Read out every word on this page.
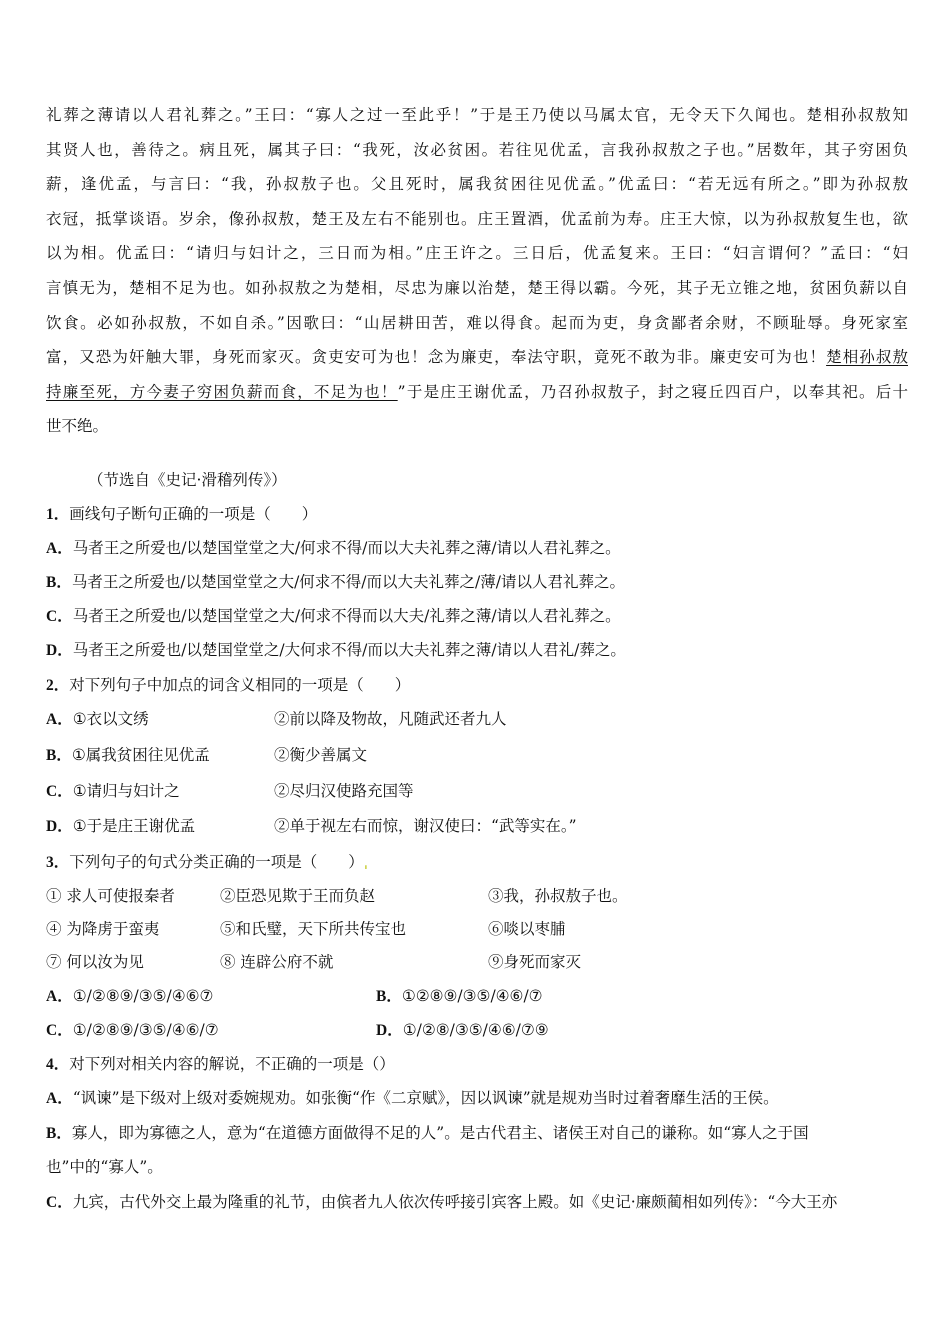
礼葬之薄请以人君礼葬之。”王曰：“寡人之过一至此乎！”于是王乃使以马属太官，无令天下久闻也。楚相孙叔敖知
其贤人也，善待之。病且死，属其子曰：“我死，汝必贫困。若往见优孟，言我孙叔敖之子也。”居数年，其子穷困负
薪，逢优孟，与言曰：“我，孙叔敖子也。父且死时，属我贫困往见优孟。”优孟曰：“若无远有所之。”即为孙叔敖
衣冠，抵掌谈语。岁余，像孙叔敖，楚王及左右不能别也。庄王置酒，优孟前为寿。庄王大惊，以为孙叔敖复生也，欲
以为相。优孟曰：“请归与妇计之，三日而为相。”庄王许之。三日后，优孟复来。王曰：“妇言谓何？”孟曰：“妇
言慎无为，楚相不足为也。如孙叔敖之为楚相，尽忠为廉以治楚，楚王得以霸。今死，其子无立锥之地，贫困负薪以自
饮食。必如孙叔敖，不如自杀。”因歌曰：“山居耕田苦，难以得食。起而为吏，身贪鄙者余财，不顾耻辱。身死家室
富，又恐为奸触大罪，身死而家灭。贪吏安可为也！念为廉吏，奉法守职，竟死不敢为非。廉吏安可为也！楚相孙叔敖
持廉至死，方今妻子穷困负薪而食，不足为也！”于是庄王谢优孟，乃召孙叔敖子，封之寝丘四百户，以奉其祀。后十
世不绝。
（节选自《史记·滑稽列传》）
1．画线句子断句正确的一项是（　　）
A．马者王之所爱也/以楚国堂堂之大/何求不得/而以大夫礼葬之薄/请以人君礼葬之。
B．马者王之所爱也/以楚国堂堂之大/何求不得/而以大夫礼葬之/薄/请以人君礼葬之。
C．马者王之所爱也/以楚国堂堂之大/何求不得而以大夫/礼葬之薄/请以人君礼葬之。
D．马者王之所爱也/以楚国堂堂之/大何求不得/而以大夫礼葬之薄/请以人君礼/葬之。
2．对下列句子中加点的词含义相同的一项是（　　）
A．①衣以文绣	②前以降及物故，凡随武还者九人
B．①属我贫困往见优孟	②衡少善属文
C．①请归与妇计之	②尽归汉使路充国等
D．①于是庄王谢优孟	②单于视左右而惊，谢汉使曰：“武等实在。”
3．下列句子的句式分类正确的一项是（　　）ˌ
① 求人可使报秦者	②臣恐见欺于王而负赵	③我，孙叔敖子也。
④ 为降虏于蛮夷	⑤和氏璧，天下所共传宝也	⑥啖以枣脯
⑦ 何以汝为见	⑧ 连辟公府不就	⑨身死而家灭
A．①/②⑧⑨/③⑤/④⑥⑦	B．①②⑧⑨/③⑤/④⑥/⑦
C．①/②⑧⑨/③⑤/④⑥/⑦	D．①/②⑧/③⑤/④⑥/⑦⑨
4．对下列对相关内容的解说，不正确的一项是（）
A．“讽谏”是下级对上级对委婉规劝。如张衡“作《二京赋》，因以讽谏”就是规劝当时过着奢靡生活的王侯。
B．寡人，即为寡德之人，意为“在道德方面做得不足的人”。是古代君主、诸侯王对自己的谦称。如“寡人之于国
也”中的“寡人”。
C．九宾，古代外交上最为隆重的礼节，由傧者九人依次传呼接引宾客上殿。如《史记·廉颇蔺相如列传》：“今大王亦
